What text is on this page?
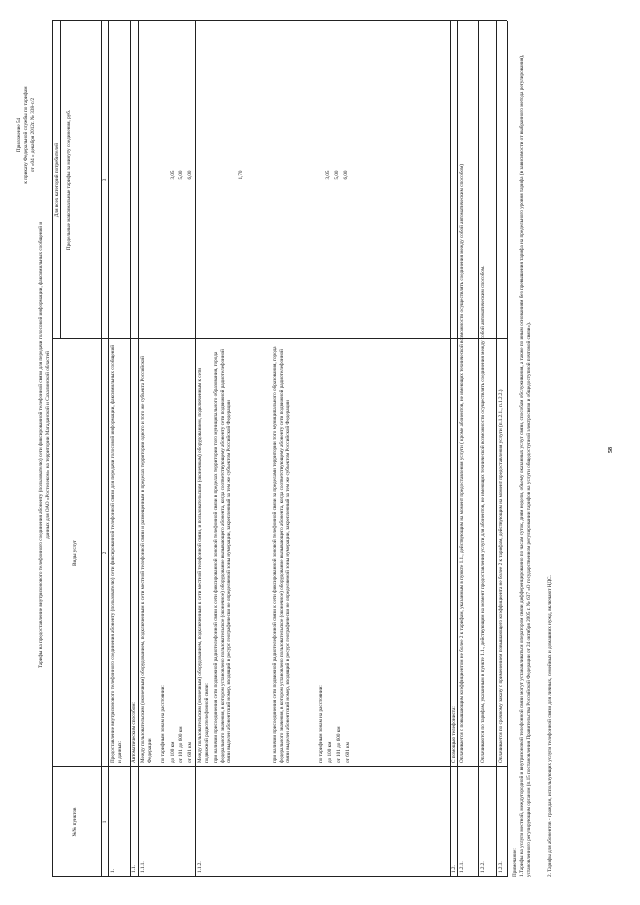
Приложение 54 к приказу Федеральной службы по тарифам от «04 » декабря 2012г. № 338-с/2
Тарифы на предоставление внутризонового телефонного соединения абоненту (пользователю) сети фиксированной телефонной связи для передачи голосовой информации, факсимильных сообщений и данных для ОАО «Ростелеком» на территории Магаданской и Сахалинской областей
№№ пунктов
Виды услуг
Для всех категорий потребителей Предельные максимальные тарифы за минуту соединения, руб.
1
2
3
1.
Предоставление внутризонового телефонного соединения абоненту (пользователю) сети фиксированной телефонной связи для передачи голосовой информации, факсимильных сообщений и данных:
1.1.
Автоматическим способом:
1.1.1.
Между пользовательским (оконечным) оборудованием, подключенным к сети местной телефонной связи и размещенным в пределах территории одного и того же субъекта Российской Федерации по тарифным зонам на расстоянии: до 100 км от 101 до 600 км от 601 км
3,05 5,00 6,00
1.1.2.
Между пользовательским (оконечным) оборудованием, подключенным к сети местной телефонной связи, и пользовательским (оконечным) оборудованием, подключенным к сети подвижной радиотелефонной связи: при наличии присоединения сети подвижной радиотелефонной связи к сети фиксированной зоновой телефонной связи в пределах территории того муниципального образования, города федерального значения, в котором установлено пользовательское (оконечное) оборудование вызывающего абонента, когда соответствующему абоненту сети подвижной радиотелефонной связи выделен абонентский номер, входящий в ресурс географически не определяемой зоны нумерации, закрепленный за тем же субъектом Российской Федерации
1,70
при наличии присоединения сети подвижной радиотелефонной связи к сети фиксированной зоновой телефонной связи за пределами территории того муниципального образования, города федерального значения, в котором установлено пользовательское (оконечное) оборудование вызывающего абонента, когда соответствующему абоненту сети подвижной радиотелефонной связи выделен абонентский номер, входящий в ресурс географически не определяемой зоны нумерации, закрепленный за тем же субъектом Российской Федерации	по тарифным зонам на расстоянии: до 100 км от 101 до 600 км от 601 км
3,05 5,00 6,00
1.2.
С помощью телефониста:
1.2.1.
Оплачивается с повышающим коэффициентом не более 2 к тарифам, указанным в пункте 1.1., действующим на момент предоставления услуги ( кроме абонентов, не имеющих технической возможности осуществлять соединения между собой автоматическим способом)
1.2.2.
Оплачиваются по тарифам, указанным в пункте 1.1., действующим на момент предоставления услуги для абонентов, не имеющих технической возможности осуществлять соединения между собой автоматическим способом.
1.2.3.
Оплачивается по срочному заказу с применением повышающего коэффициента не более 2 к тарифам, действующим на момент предоставления услуги (п.1.2.1., п.1.2.2.)
Примечание: 1.Тарифы на услуги местной, междугородной и внутризоновой телефонной связи могут устанавливаться оператором связи дифференцированно по часам суток, дням недели, объему оказанных услуг связи, способам обслуживания, а также по иным основаниям без превышения тарифа на предельного уровня тарифа (в зависимости от выбранного метода регулирования), установленного регулирующим органом (п.15 постановления Правительства Российской Федерации от 24 октября 2005 г. № 637 «О государственном регулировании тарифов на услуги общедоступной электросвязи и общедоступной почтовой связи»).	2. Тарифы для абонентов - граждан, использующих услуги телефонной связи для личных, семейных и домашних нужд, включают НДС.
58
